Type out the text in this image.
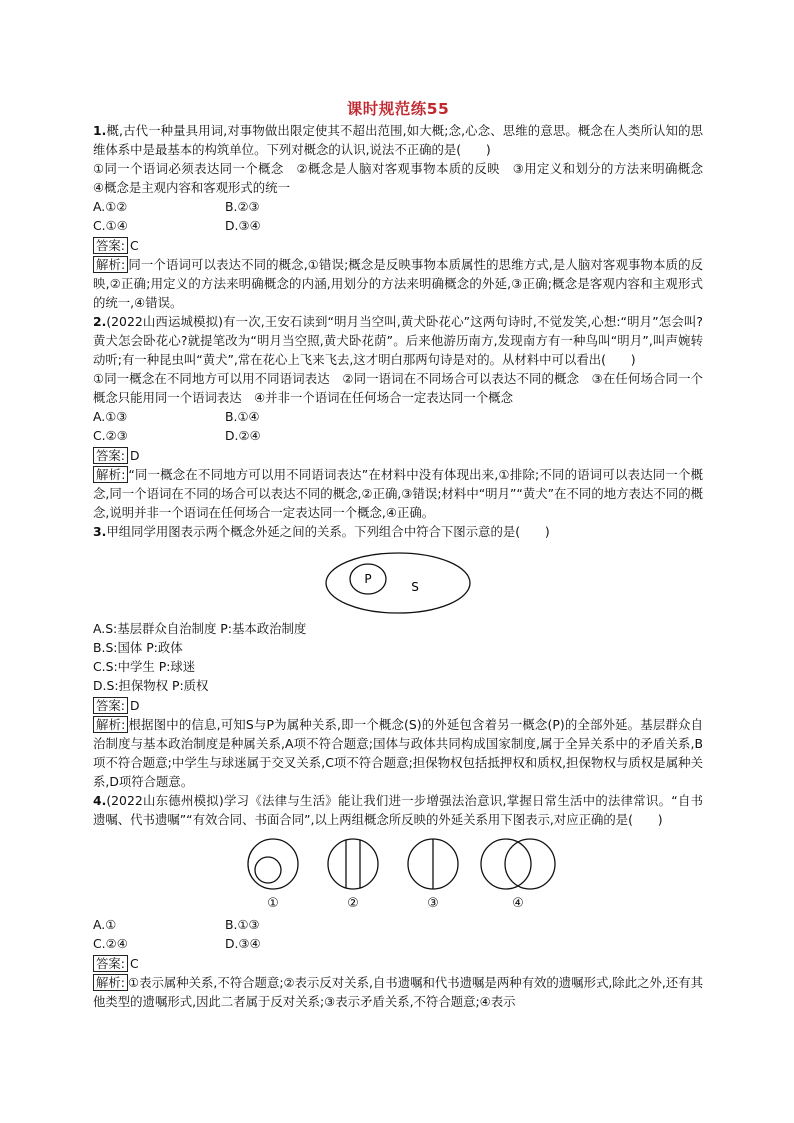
课时规范练55

1.概,古代一种量具用词,对事物做出限定使其不超出范围,如大概;念,心念、思维的意思。概念在人类所认知的思维体系中是最基本的构筑单位。下列对概念的认识,说法不正确的是(　　)

①同一个语词必须表达同一个概念　②概念是人脑对客观事物本质的反映　③用定义和划分的方法来明确概念　④概念是主观内容和客观形式的统一

A.①②	B.②③
C.①④	D.③④
答案: C

解析: 同一个语词可以表达不同的概念,①错误;概念是反映事物本质属性的思维方式,是人脑对客观事物本质的反映,②正确;用定义的方法来明确概念的内涵,用划分的方法来明确概念的外延,③正确;概念是客观内容和主观形式的统一,④错误。

2.(2022山西运城模拟)有一次,王安石读到“明月当空叫,黄犬卧花心”这两句诗时,不觉发笑,心想:“明月”怎会叫?黄犬怎会卧花心?就提笔改为“明月当空照,黄犬卧花荫”。后来他游历南方,发现南方有一种鸟叫“明月”,叫声婉转动听;有一种昆虫叫“黄犬”,常在花心上飞来飞去,这才明白那两句诗是对的。从材料中可以看出(　　)

①同一概念在不同地方可以用不同语词表达　②同一语词在不同场合可以表达不同的概念　③在任何场合同一个概念只能用同一个语词表达　④并非一个语词在任何场合一定表达同一个概念

A.①③	B.①④
C.②③	D.②④
答案: D

解析: “同一概念在不同地方可以用不同语词表达”在材料中没有体现出来,①排除;不同的语词可以表达同一个概念,同一个语词在不同的场合可以表达不同的概念,②正确,③错误;材料中“明月”“黄犬”在不同的地方表达不同的概念,说明并非一个语词在任何场合一定表达同一个概念,④正确。

3.甲组同学用图表示两个概念外延之间的关系。下列组合中符合下图示意的是(　　)

P
S

A.S:基层群众自治制度 P:基本政治制度

B.S:国体 P:政体

C.S:中学生 P:球迷

D.S:担保物权 P:质权

答案: D

解析: 根据图中的信息,可知S与P为属种关系,即一个概念(S)的外延包含着另一概念(P)的全部外延。基层群众自治制度与基本政治制度是种属关系,A项不符合题意;国体与政体共同构成国家制度,属于全异关系中的矛盾关系,B项不符合题意;中学生与球迷属于交叉关系,C项不符合题意;担保物权包括抵押权和质权,担保物权与质权是属种关系,D项符合题意。

4.(2022山东德州模拟)学习《法律与生活》能让我们进一步增强法治意识,掌握日常生活中的法律常识。“自书遗嘱、代书遗嘱”“有效合同、书面合同”,以上两组概念所反映的外延关系用下图表示,对应正确的是(　　)

①	②	③	④
A.①	B.①③
C.②④	D.③④
答案: C

解析: ①表示属种关系,不符合题意;②表示反对关系,自书遗嘱和代书遗嘱是两种有效的遗嘱形式,除此之外,还有其他类型的遗嘱形式,因此二者属于反对关系;③表示矛盾关系,不符合题意;④表示
